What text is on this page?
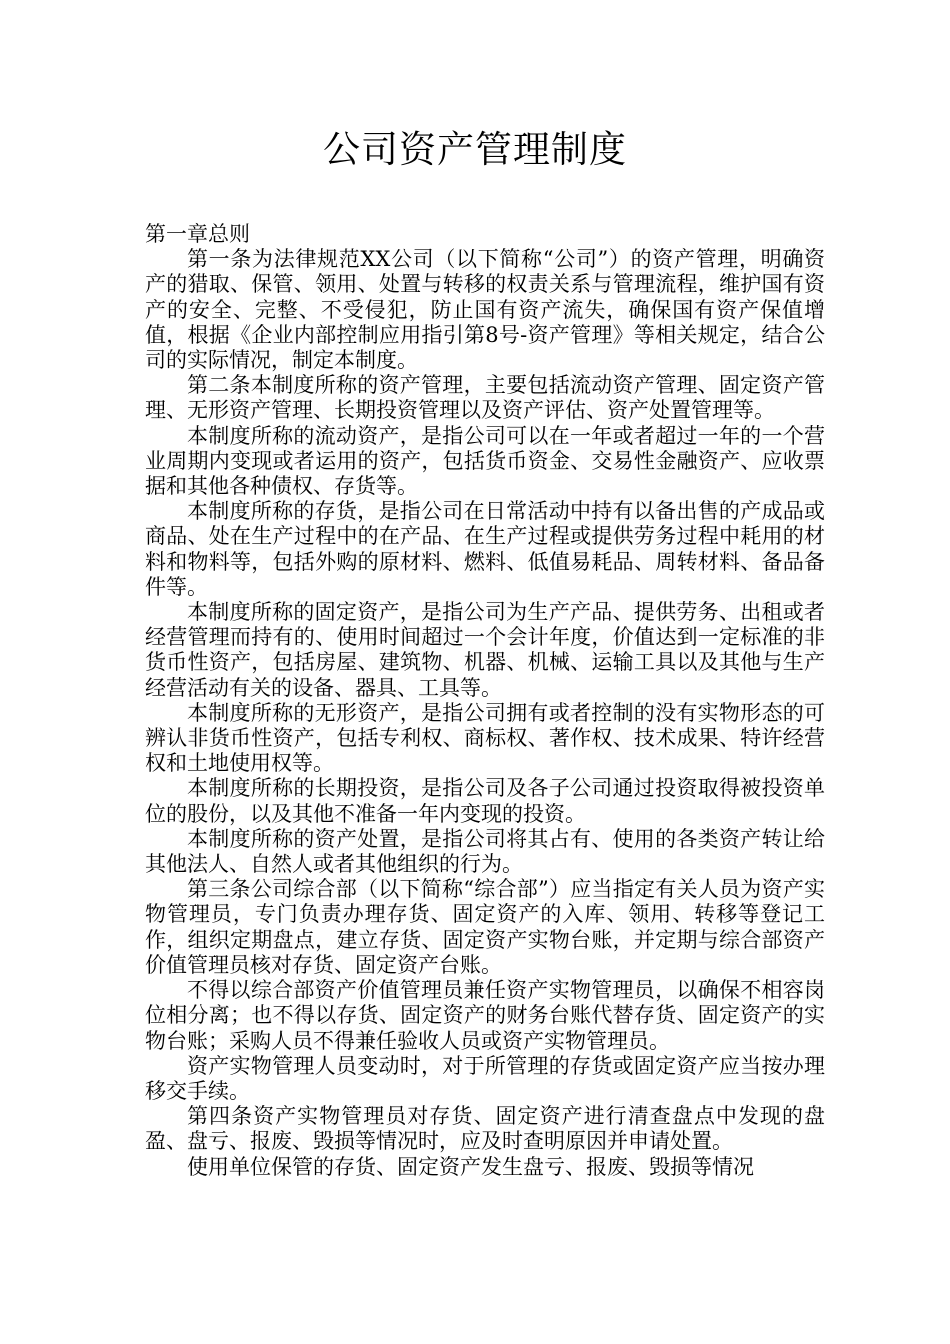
公司资产管理制度

第一章总则

第一条为法律规范XX公司（以下简称“公司”）的资产管理，明确资产的猎取、保管、领用、处置与转移的权责关系与管理流程，维护国有资产的安全、完整、不受侵犯，防止国有资产流失，确保国有资产保值增值，根据《企业内部控制应用指引第8号-资产管理》等相关规定，结合公司的实际情况，制定本制度。

第二条本制度所称的资产管理，主要包括流动资产管理、固定资产管理、无形资产管理、长期投资管理以及资产评估、资产处置管理等。

本制度所称的流动资产，是指公司可以在一年或者超过一年的一个营业周期内变现或者运用的资产，包括货币资金、交易性金融资产、应收票据和其他各种债权、存货等。

本制度所称的存货，是指公司在日常活动中持有以备出售的产成品或商品、处在生产过程中的在产品、在生产过程或提供劳务过程中耗用的材料和物料等，包括外购的原材料、燃料、低值易耗品、周转材料、备品备件等。

本制度所称的固定资产，是指公司为生产产品、提供劳务、出租或者经营管理而持有的、使用时间超过一个会计年度，价值达到一定标准的非货币性资产，包括房屋、建筑物、机器、机械、运输工具以及其他与生产经营活动有关的设备、器具、工具等。

本制度所称的无形资产，是指公司拥有或者控制的没有实物形态的可辨认非货币性资产，包括专利权、商标权、著作权、技术成果、特许经营权和土地使用权等。

本制度所称的长期投资，是指公司及各子公司通过投资取得被投资单位的股份，以及其他不准备一年内变现的投资。

本制度所称的资产处置，是指公司将其占有、使用的各类资产转让给其他法人、自然人或者其他组织的行为。

第三条公司综合部（以下简称“综合部”）应当指定有关人员为资产实物管理员，专门负责办理存货、固定资产的入库、领用、转移等登记工作，组织定期盘点，建立存货、固定资产实物台账，并定期与综合部资产价值管理员核对存货、固定资产台账。

不得以综合部资产价值管理员兼任资产实物管理员，以确保不相容岗位相分离；也不得以存货、固定资产的财务台账代替存货、固定资产的实物台账；采购人员不得兼任验收人员或资产实物管理员。

资产实物管理人员变动时，对于所管理的存货或固定资产应当按办理移交手续。

第四条资产实物管理员对存货、固定资产进行清查盘点中发现的盘盈、盘亏、报废、毁损等情况时，应及时查明原因并申请处置。

使用单位保管的存货、固定资产发生盘亏、报废、毁损等情况
